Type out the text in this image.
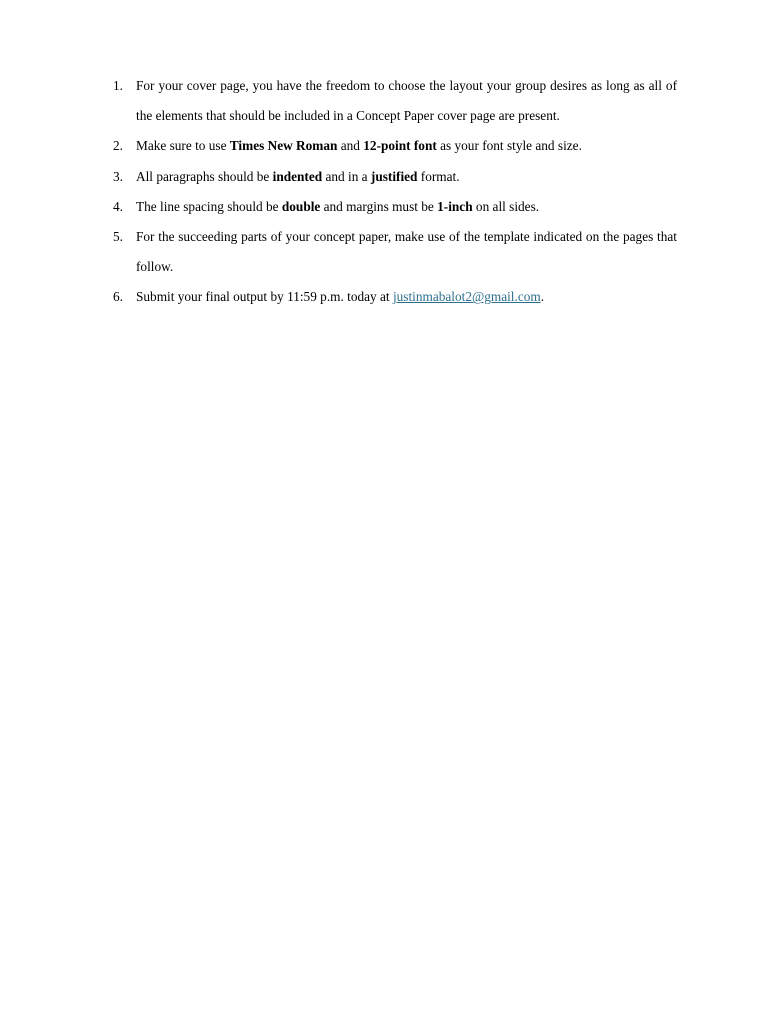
1. For your cover page, you have the freedom to choose the layout your group desires as long as all of the elements that should be included in a Concept Paper cover page are present.
2. Make sure to use Times New Roman and 12-point font as your font style and size.
3. All paragraphs should be indented and in a justified format.
4. The line spacing should be double and margins must be 1-inch on all sides.
5. For the succeeding parts of your concept paper, make use of the template indicated on the pages that follow.
6. Submit your final output by 11:59 p.m. today at justinmabalot2@gmail.com.
